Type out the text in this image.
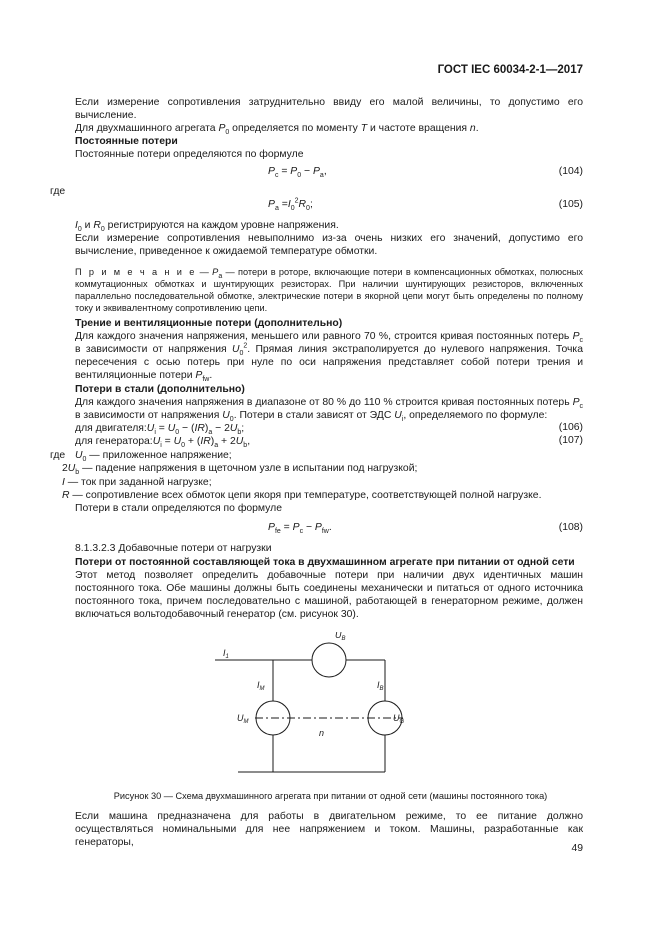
ГОСТ IEC 60034-2-1—2017
Если измерение сопротивления затруднительно ввиду его малой величины, то допустимо его вычисление.
Для двухмашинного агрегата $P_0$ определяется по моменту T и частоте вращения n.
Постоянные потери
Постоянные потери определяются по формуле
$P_c = P_0 - P_a$,	(104)
где
$P_a =I_0^2R_0$;	(105)
$I_0$ и $R_0$ регистрируются на каждом уровне напряжения.
Если измерение сопротивления невыполнимо из-за очень низких его значений, допустимо его вычисление, приведенное к ожидаемой температуре обмотки.
П р и м е ч а н и е — $P_a$ — потери в роторе, включающие потери в компенсационных обмотках, полюсных коммутационных обмотках и шунтирующих резисторах. При наличии шунтирующих резисторов, включенных параллельно последовательной обмотке, электрические потери в якорной цепи могут быть определены по полному току и эквивалентному сопротивлению цепи.
Трение и вентиляционные потери (дополнительно)
Для каждого значения напряжения, меньшего или равного 70 %, строится кривая постоянных потерь $P_c$ в зависимости от напряжения $U_0^2$. Прямая линия экстраполируется до нулевого напряжения. Точка пересечения с осью потерь при нуле по оси напряжения представляет собой потери трения и вентиляционные потери $P_{fw}$.
Потери в стали (дополнительно)
Для каждого значения напряжения в диапазоне от 80 % до 110 % строится кривая постоянных потерь $P_c$ в зависимости от напряжения $U_0$. Потери в стали зависят от ЭДС $U_i$, определяемого по формуле:
для $двигателя:U_i = U_0 - (IR)_a - 2U_b$;	(106)
для $генератора:U_i = U_0 + (IR)_a + 2U_b$,	(107)
где $U_0$ — приложенное напряжение;
$2U_b$ — падение напряжения в щеточном узле в испытании под нагрузкой;
I — ток при заданной нагрузке;
R — сопротивление всех обмоток цепи якоря при температуре, соответствующей полной нагрузке.
Потери в стали определяются по формуле
$P_{fe} = P_c - P_{fw}$.	(108)
8.1.3.2.3 Добавочные потери от нагрузки
Потери от постоянной составляющей тока в двухмашинном агрегате при питании от одной сети
Этот метод позволяет определить добавочные потери при наличии двух идентичных машин постоянного тока. Обе машины должны быть соединены механически и питаться от одного источника постоянного тока, причем последовательно с машиной, работающей в генераторном режиме, должен включаться вольтодобавочный генератор (см. рисунок 30).
$I_1$
$U_B$
$I_M$	$I_B$
$U_M$	$U_G$
n
Рисунок 30 — Схема двухмашинного агрегата при питании от одной сети (машины постоянного тока)
Если машина предназначена для работы в двигательном режиме, то ее питание должно осуществляться номинальными для нее напряжением и током. Машины, разработанные как генераторы,
49
